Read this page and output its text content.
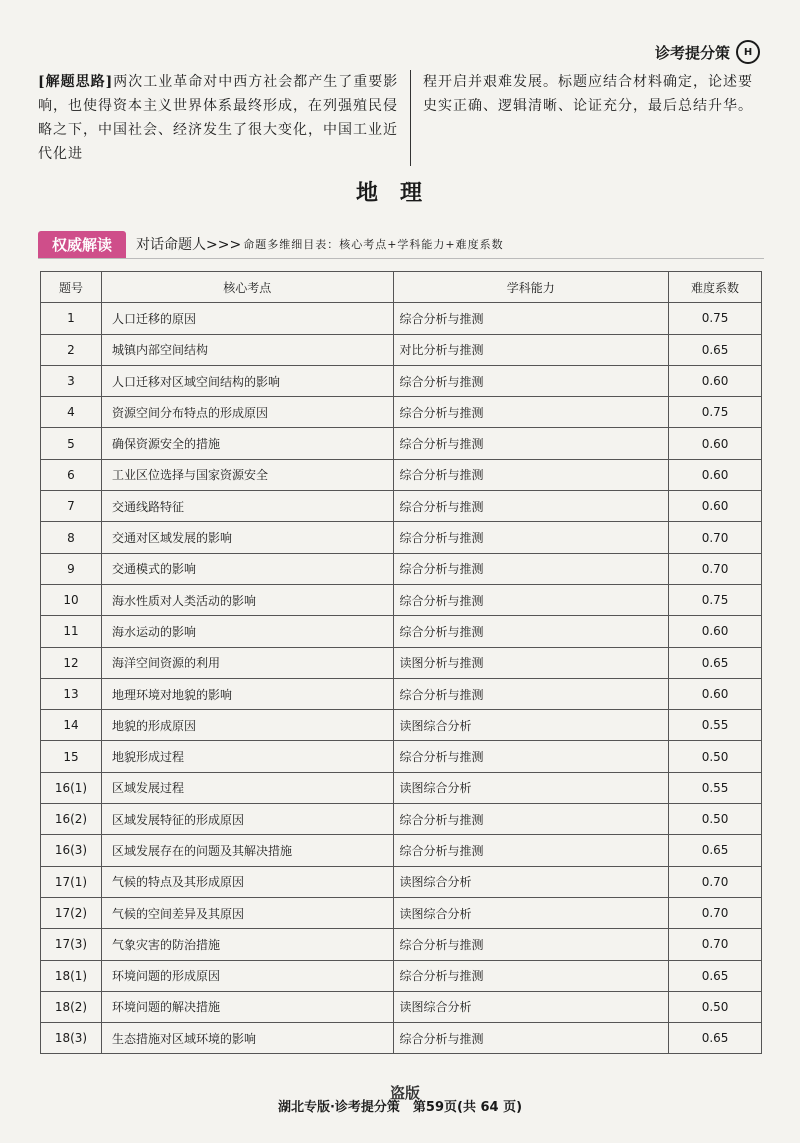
诊考提分策	H
[解题思路]两次工业革命对中西方社会都产生了重要影响，也使得资本主义世界体系最终形成，在列强殖民侵略之下，中国社会、经济发生了很大变化，中国工业近代化进
程开启并艰难发展。标题应结合材料确定，论述要史实正确、逻辑清晰、论证充分，最后总结升华。
地理
权威解读	对话命题人>>> 命题多维细目表：核心考点+学科能力+难度系数
题号	核心考点	学科能力	难度系数
1	人口迁移的原因	综合分析与推测	0.75
2	城镇内部空间结构	对比分析与推测	0.65
3	人口迁移对区域空间结构的影响	综合分析与推测	0.60
4	资源空间分布特点的形成原因	综合分析与推测	0.75
5	确保资源安全的措施	综合分析与推测	0.60
6	工业区位选择与国家资源安全	综合分析与推测	0.60
7	交通线路特征	综合分析与推测	0.60
8	交通对区域发展的影响	综合分析与推测	0.70
9	交通模式的影响	综合分析与推测	0.70
10	海水性质对人类活动的影响	综合分析与推测	0.75
11	海水运动的影响	综合分析与推测	0.60
12	海洋空间资源的利用	读图分析与推测	0.65
13	地理环境对地貌的影响	综合分析与推测	0.60
14	地貌的形成原因	读图综合分析	0.55
15	地貌形成过程	综合分析与推测	0.50
16(1)	区域发展过程	读图综合分析	0.55
16(2)	区域发展特征的形成原因	综合分析与推测	0.50
16(3)	区域发展存在的问题及其解决措施	综合分析与推测	0.65
17(1)	气候的特点及其形成原因	读图综合分析	0.70
17(2)	气候的空间差异及其原因	读图综合分析	0.70
17(3)	气象灾害的防治措施	综合分析与推测	0.70
18(1)	环境问题的形成原因	综合分析与推测	0.65
18(2)	环境问题的解决措施	读图综合分析	0.50
18(3)	生态措施对区域环境的影响	综合分析与推测	0.65
盗版
湖北专版·诊考提分策　第59页(共 64 页)
